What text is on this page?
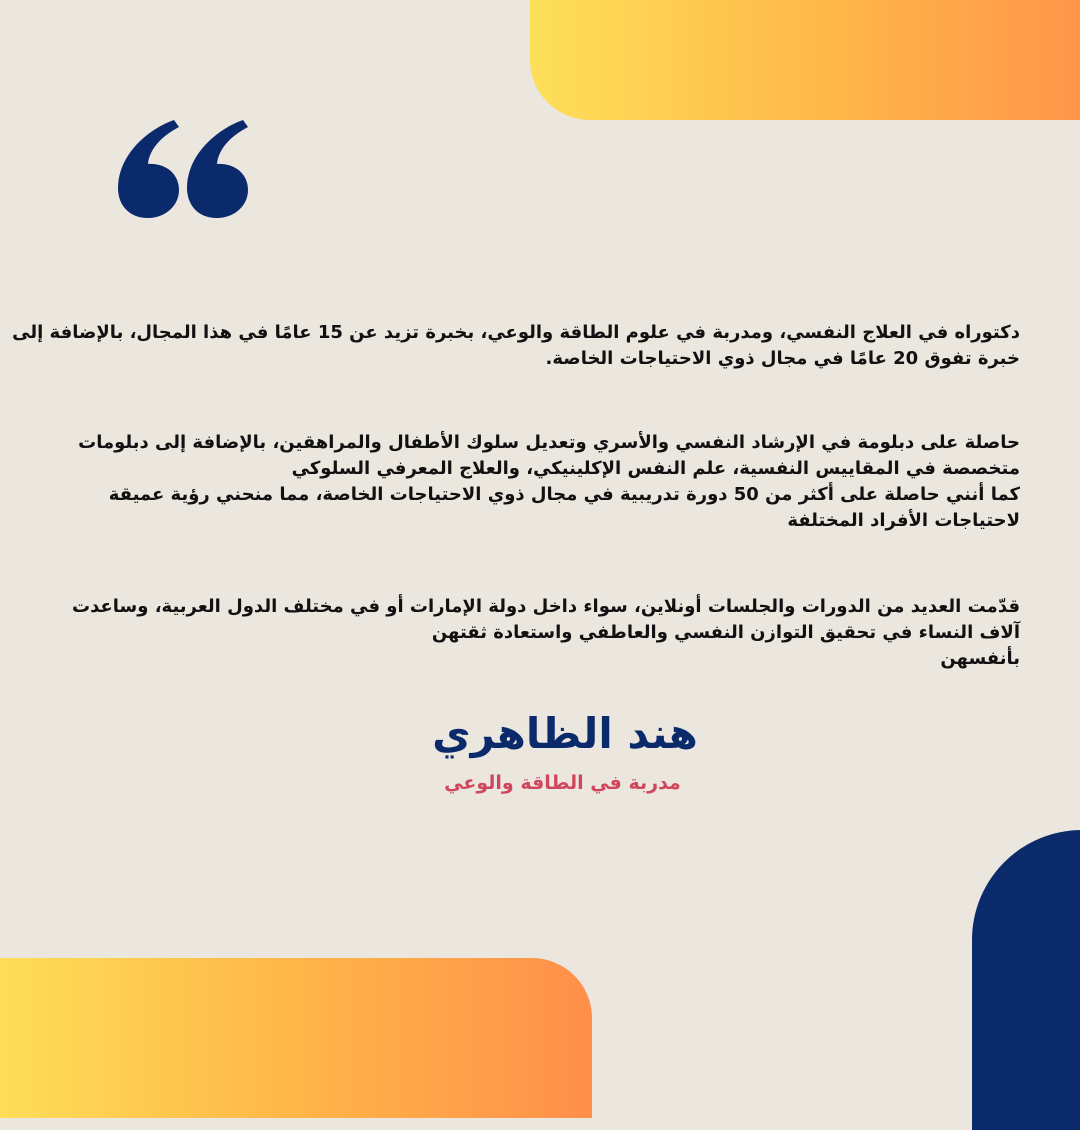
دكتوراه في العلاج النفسي، ومدربة في علوم الطاقة والوعي، بخبرة تزيد عن 15 عامًا في هذا المجال، بالإضافة إلى
خبرة تفوق 20 عامًا في مجال ذوي الاحتياجات الخاصة.
حاصلة على دبلومة في الإرشاد النفسي والأسري وتعديل سلوك الأطفال والمراهقين، بالإضافة إلى دبلومات
متخصصة في المقاييس النفسية، علم النفس الإكلينيكي، والعلاج المعرفي السلوكي
كما أنني حاصلة على أكثر من 50 دورة تدريبية في مجال ذوي الاحتياجات الخاصة، مما منحني رؤية عميقة
لاحتياجات الأفراد المختلفة
قدّمت العديد من الدورات والجلسات أونلاين، سواء داخل دولة الإمارات أو في مختلف الدول العربية، وساعدت
آلاف النساء في تحقيق التوازن النفسي والعاطفي واستعادة ثقتهن
بأنفسهن
هند الظاهري
مدربة في الطاقة والوعي
